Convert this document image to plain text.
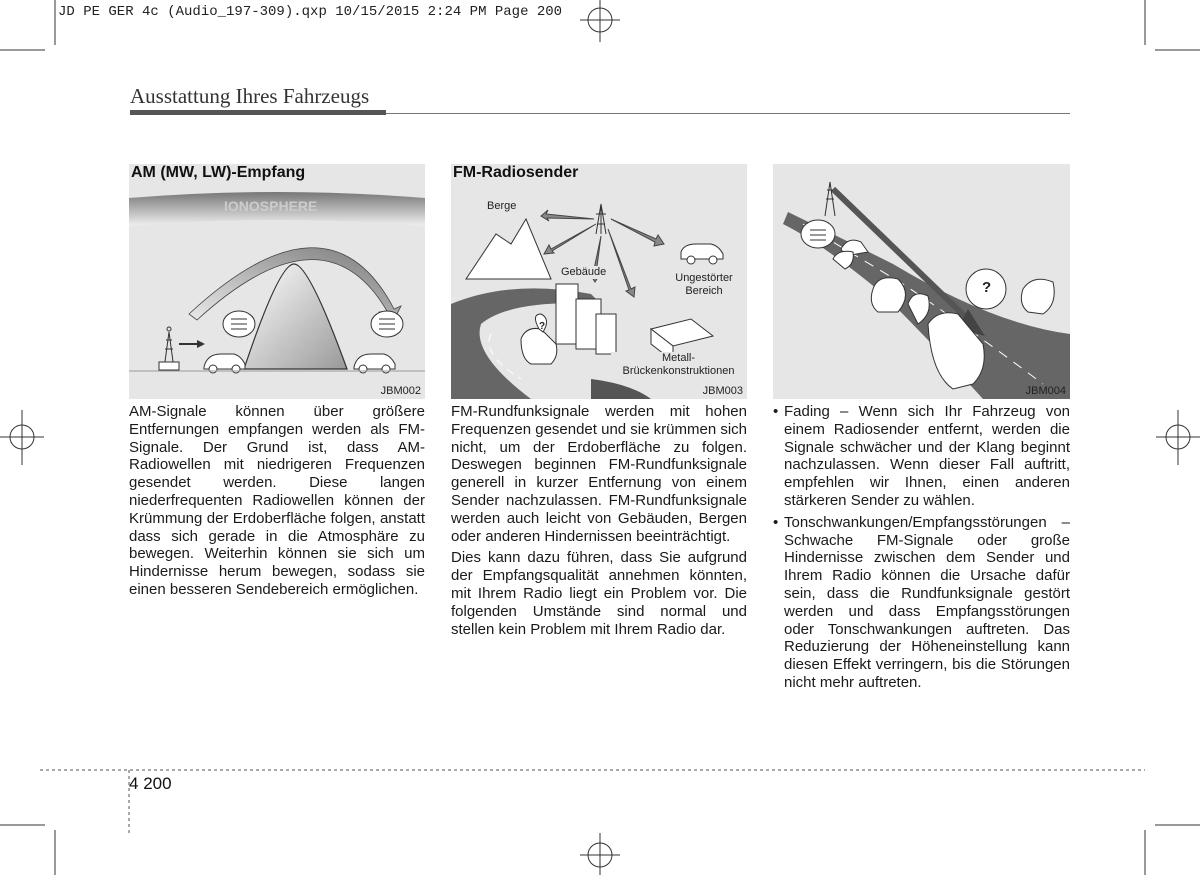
JD PE GER 4c (Audio_197-309).qxp 10/15/2015 2:24 PM Page 200
Ausstattung Ihres Fahrzeugs
AM (MW, LW)-Empfang
IONOSPHERE
JBM002
FM-Radiosender
?
Berge
Gebäude	Ungestörter Bereich
Metall- Brückenkonstruktionen
JBM003
?
JBM004

AM-Signale können über größere Entfernungen empfangen werden als FM-Signale. Der Grund ist, dass AM-Radiowellen mit niedrigeren Frequenzen gesendet werden. Diese langen niederfrequenten Radiowellen können der Krümmung der Erdoberfläche folgen, anstatt dass sich gerade in die Atmosphäre zu bewegen. Weiterhin können sie sich um Hindernisse herum bewegen, sodass sie einen besseren Sendebereich ermöglichen.

FM-Rundfunksignale werden mit hohen Frequenzen gesendet und sie krümmen sich nicht, um der Erdoberfläche zu folgen. Deswegen beginnen FM-Rundfunksignale generell in kurzer Entfernung von einem Sender nachzulassen. FM-Rundfunksignale werden auch leicht von Gebäuden, Bergen oder anderen Hindernissen beeinträchtigt.

Dies kann dazu führen, dass Sie aufgrund der Empfangsqualität annehmen könnten, mit Ihrem Radio liegt ein Problem vor. Die folgenden Umstände sind normal und stellen kein Problem mit Ihrem Radio dar.

• Fading – Wenn sich Ihr Fahrzeug von einem Radiosender entfernt, werden die Signale schwächer und der Klang beginnt nachzulassen. Wenn dieser Fall auftritt, empfehlen wir Ihnen, einen anderen stärkeren Sender zu wählen.
• Tonschwankungen/Empfangsstörungen – Schwache FM-Signale oder große Hindernisse zwischen dem Sender und Ihrem Radio können die Ursache dafür sein, dass die Rundfunksignale gestört werden und dass Empfangsstörungen oder Tonschwankungen auftreten. Das Reduzierung der Höheneinstellung kann diesen Effekt verringern, bis die Störungen nicht mehr auftreten.
4 200
